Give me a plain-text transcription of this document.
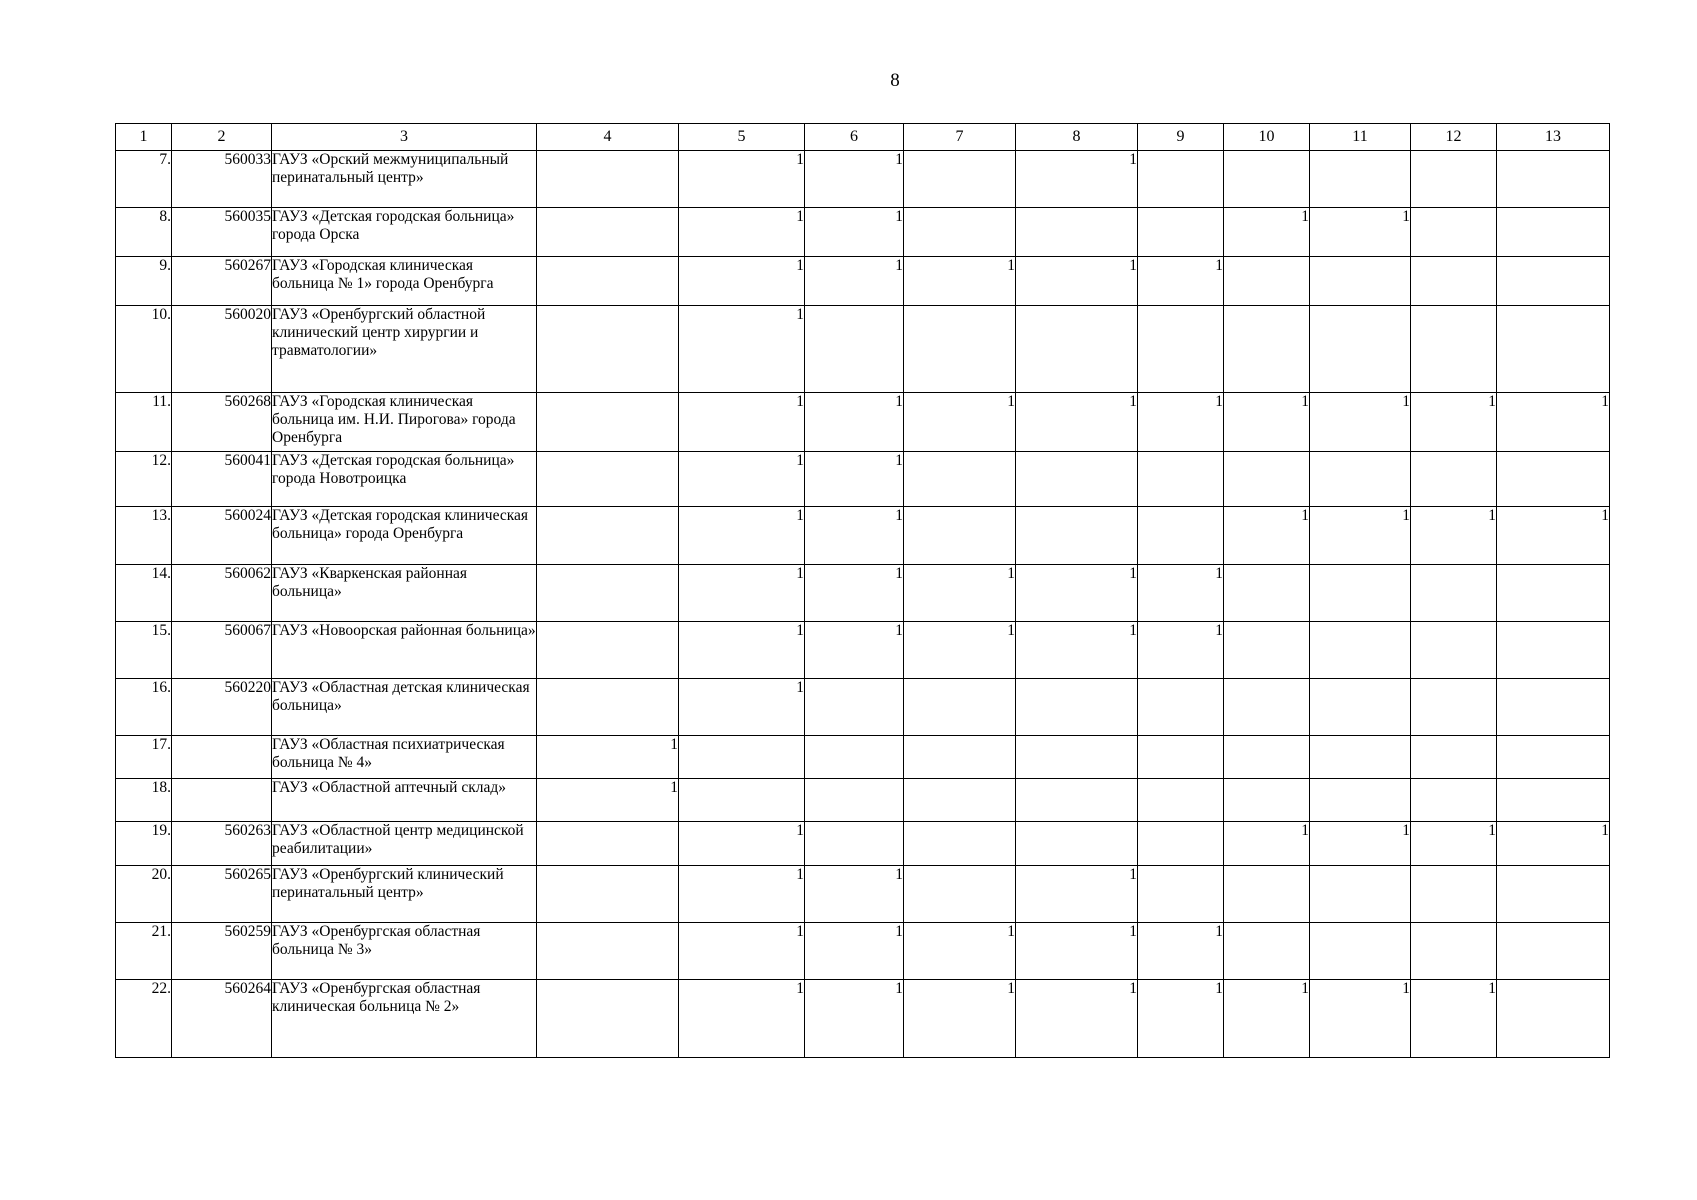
8
1	2	3	4	5	6	7	8	9	10	11	12	13
7.	560033	ГАУЗ «Орский межмуниципальный перинатальный центр»		1	1		1					
8.	560035	ГАУЗ «Детская городская больница» города Орска		1	1				1	1		
9.	560267	ГАУЗ «Городская клиническая больница № 1» города Оренбурга		1	1	1	1	1				
10.	560020	ГАУЗ «Оренбургский областной клинический центр хирургии и травматологии»		1								
11.	560268	ГАУЗ «Городская клиническая больница им. Н.И. Пирогова» города Оренбурга		1	1	1	1	1	1	1	1	1
12.	560041	ГАУЗ «Детская городская больница» города Новотроицка		1	1							
13.	560024	ГАУЗ «Детская городская клиническая больница» города Оренбурга		1	1				1	1	1	1
14.	560062	ГАУЗ «Кваркенская районная больница»		1	1	1	1	1				
15.	560067	ГАУЗ «Новоорская районная больница»		1	1	1	1	1				
16.	560220	ГАУЗ «Областная детская клиническая больница»		1								
17.		ГАУЗ «Областная психиатрическая больница № 4»	1									
18.		ГАУЗ «Областной аптечный склад»	1									
19.	560263	ГАУЗ «Областной центр медицинской реабилитации»		1					1	1	1	1
20.	560265	ГАУЗ «Оренбургский клинический перинатальный центр»		1	1		1					
21.	560259	ГАУЗ «Оренбургская областная больница № 3»		1	1	1	1	1				
22.	560264	ГАУЗ «Оренбургская областная клиническая больница № 2»		1	1	1	1	1	1	1	1	
